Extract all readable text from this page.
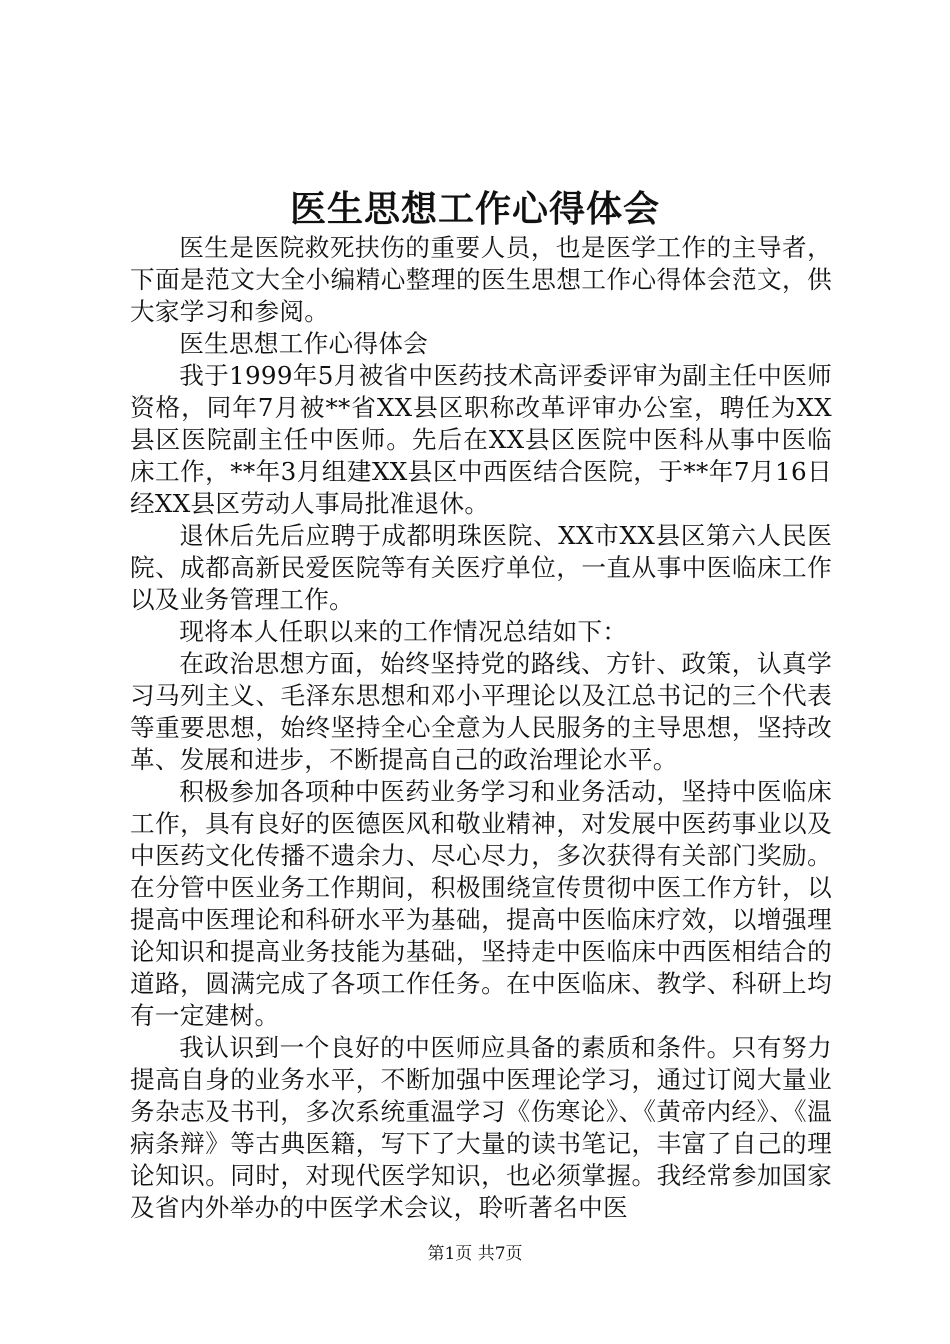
医生思想工作心得体会

医生是医院救死扶伤的重要人员，也是医学工作的主导者，下面是范文大全小编精心整理的医生思想工作心得体会范文，供大家学习和参阅。

医生思想工作心得体会

我于1999年5月被省中医药技术高评委评审为副主任中医师资格，同年7月被**省XX县区职称改革评审办公室，聘任为XX县区医院副主任中医师。先后在XX县区医院中医科从事中医临床工作，**年3月组建XX县区中西医结合医院，于**年7月16日经XX县区劳动人事局批准退休。

退休后先后应聘于成都明珠医院、XX市XX县区第六人民医院、成都高新民爱医院等有关医疗单位，一直从事中医临床工作以及业务管理工作。

现将本人任职以来的工作情况总结如下：

在政治思想方面，始终坚持党的路线、方针、政策，认真学习马列主义、毛泽东思想和邓小平理论以及江总书记的三个代表等重要思想，始终坚持全心全意为人民服务的主导思想，坚持改革、发展和进步，不断提高自己的政治理论水平。

积极参加各项种中医药业务学习和业务活动，坚持中医临床工作，具有良好的医德医风和敬业精神，对发展中医药事业以及中医药文化传播不遗余力、尽心尽力，多次获得有关部门奖励。在分管中医业务工作期间，积极围绕宣传贯彻中医工作方针，以提高中医理论和科研水平为基础，提高中医临床疗效，以增强理论知识和提高业务技能为基础，坚持走中医临床中西医相结合的道路，圆满完成了各项工作任务。在中医临床、教学、科研上均有一定建树。

我认识到一个良好的中医师应具备的素质和条件。只有努力提高自身的业务水平，不断加强中医理论学习，通过订阅大量业务杂志及书刊，多次系统重温学习《伤寒论》、《黄帝内经》、《温病条辩》等古典医籍，写下了大量的读书笔记，丰富了自己的理论知识。同时，对现代医学知识，也必须掌握。我经常参加国家及省内外举办的中医学术会议，聆听著名中医

第1页 共7页
